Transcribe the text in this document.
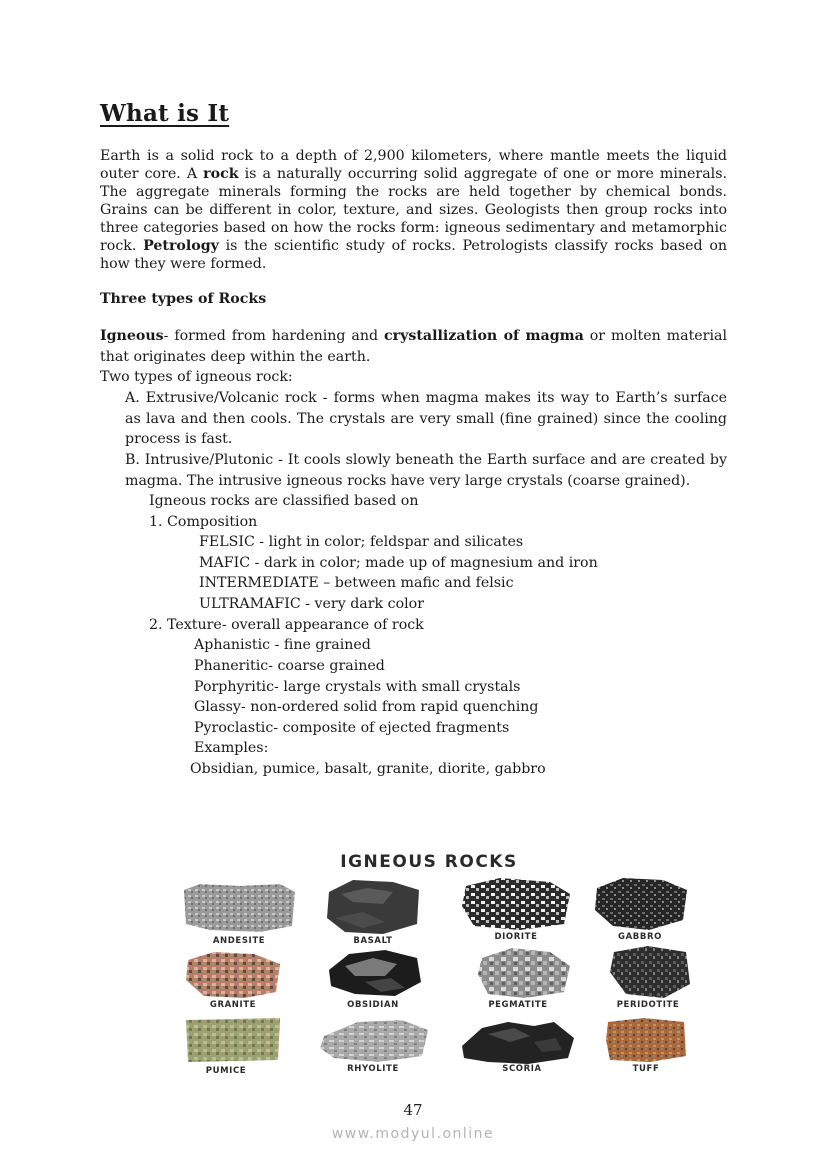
What is It

Earth is a solid rock to a depth of 2,900 kilometers, where mantle meets the liquid outer core. A rock is a naturally occurring solid aggregate of one or more minerals. The aggregate minerals forming the rocks are held together by chemical bonds. Grains can be different in color, texture, and sizes. Geologists then group rocks into three categories based on how the rocks form: igneous sedimentary and metamorphic rock. Petrology is the scientific study of rocks. Petrologists classify rocks based on how they were formed.

Three types of Rocks

Igneous- formed from hardening and crystallization of magma or molten material that originates deep within the earth.

Two types of igneous rock:

A. Extrusive/Volcanic rock - forms when magma makes its way to Earth’s surface as lava and then cools. The crystals are very small (fine grained) since the cooling process is fast.

B. Intrusive/Plutonic - It cools slowly beneath the Earth surface and are created by magma. The intrusive igneous rocks have very large crystals (coarse grained).

Igneous rocks are classified based on

1. Composition

FELSIC - light in color; feldspar and silicates

MAFIC - dark in color; made up of magnesium and iron

INTERMEDIATE – between mafic and felsic

ULTRAMAFIC - very dark color

2. Texture- overall appearance of rock

Aphanistic - fine grained

Phaneritic- coarse grained

Porphyritic- large crystals with small crystals

Glassy- non-ordered solid from rapid quenching

Pyroclastic- composite of ejected fragments

Examples:

Obsidian, pumice, basalt, granite, diorite, gabbro

IGNEOUS ROCKS
ANDESITE	BASALT	DIORITE	GABBRO
GRANITE	OBSIDIAN	PEGMATITE	PERIDOTITE
PUMICE	RHYOLITE	SCORIA	TUFF
47
www.modyul.online
